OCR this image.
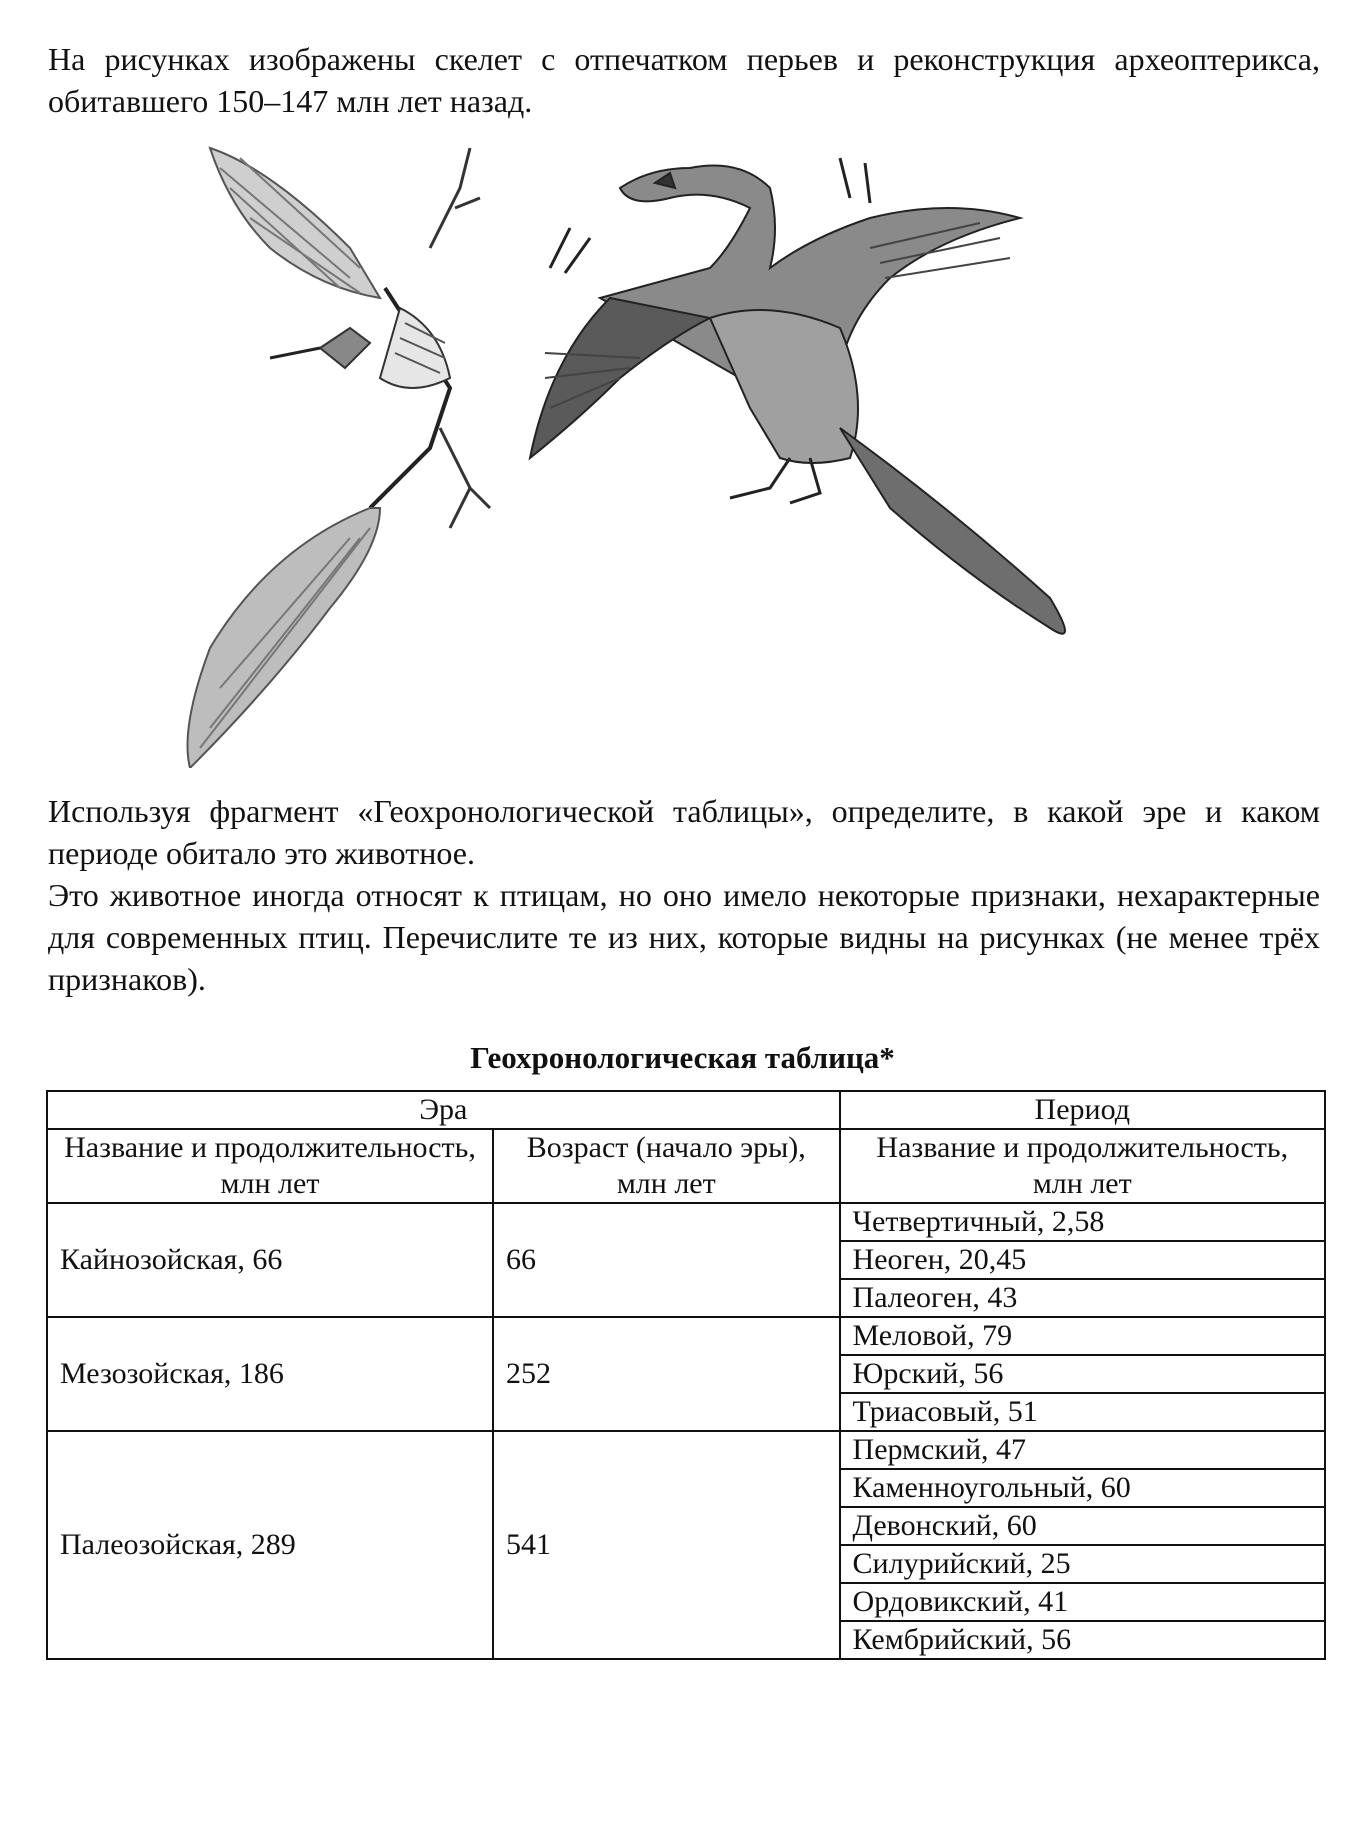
На рисунках изображены скелет с отпечатком перьев и реконструкция археоптерикса, обитавшего 150–147 млн лет назад.

Используя фрагмент «Геохронологической таблицы», определите, в какой эре и каком периоде обитало это животное.
Это животное иногда относят к птицам, но оно имело некоторые признаки, нехарактерные для современных птиц. Перечислите те из них, которые видны на рисунках (не менее трёх признаков).
Геохронологическая таблица*
Эра		Период
Название и продолжительность, млн лет	Возраст (начало эры), млн лет	Название и продолжительность, млн лет
Кайнозойская, 66	66	Четвертичный, 2,58
		Неоген, 20,45
		Палеоген, 43
Мезозойская, 186	252	Меловой, 79
		Юрский, 56
		Триасовый, 51
Палеозойская, 289	541	Пермский, 47
		Каменноугольный, 60
		Девонский, 60
		Силурийский, 25
		Ордовикский, 41
		Кембрийский, 56
